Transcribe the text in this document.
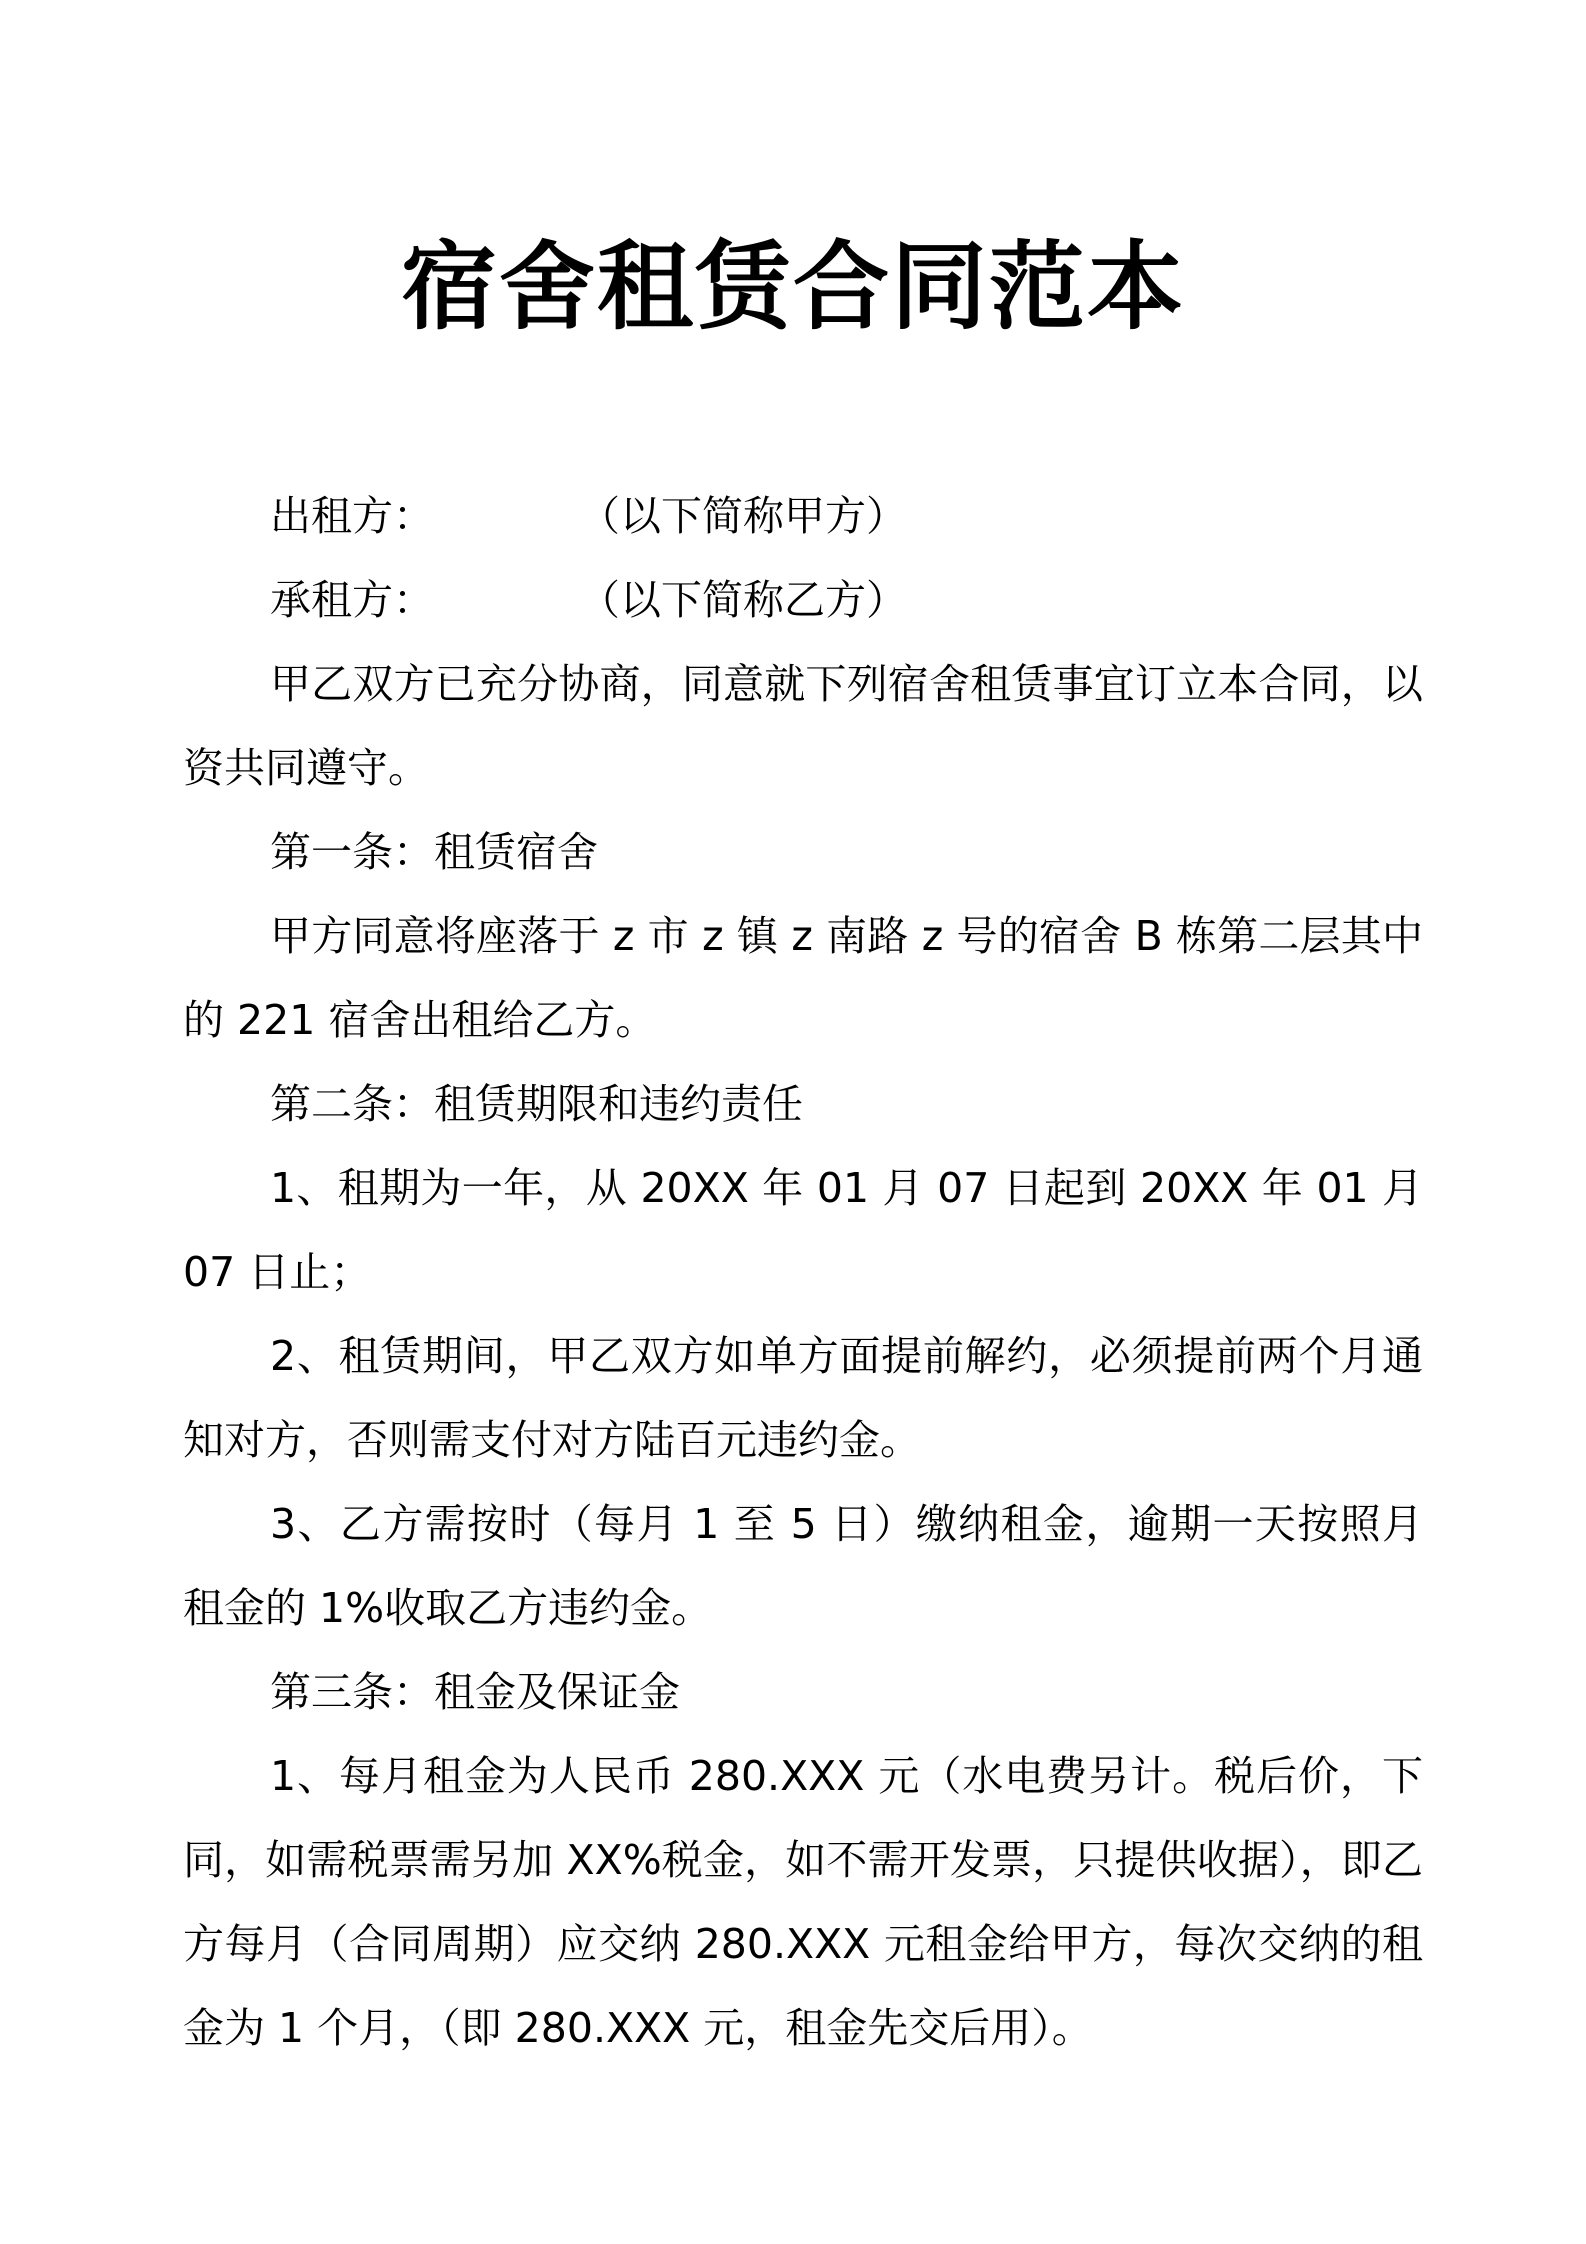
宿舍租赁合同范本

出租方：	（以下简称甲方）

承租方：	（以下简称乙方）

甲乙双方已充分协商，同意就下列宿舍租赁事宜订立本合同，以资共同遵守。

第一条：租赁宿舍

甲方同意将座落于 z 市 z 镇 z 南路 z 号的宿舍 B 栋第二层其中的 221 宿舍出租给乙方。

第二条：租赁期限和违约责任

1、租期为一年，从 20XX 年 01 月 07 日起到 20XX 年 01 月 07 日止；

2、租赁期间，甲乙双方如单方面提前解约，必须提前两个月通知对方，否则需支付对方陆百元违约金。

3、乙方需按时（每月 1 至 5 日）缴纳租金，逾期一天按照月租金的 1%收取乙方违约金。

第三条：租金及保证金

1、每月租金为人民币 280.XXX 元（水电费另计。税后价，下同，如需税票需另加 XX%税金，如不需开发票，只提供收据），即乙方每月（合同周期）应交纳 280.XXX 元租金给甲方，每次交纳的租金为 1 个月，（即 280.XXX 元，租金先交后用）。
